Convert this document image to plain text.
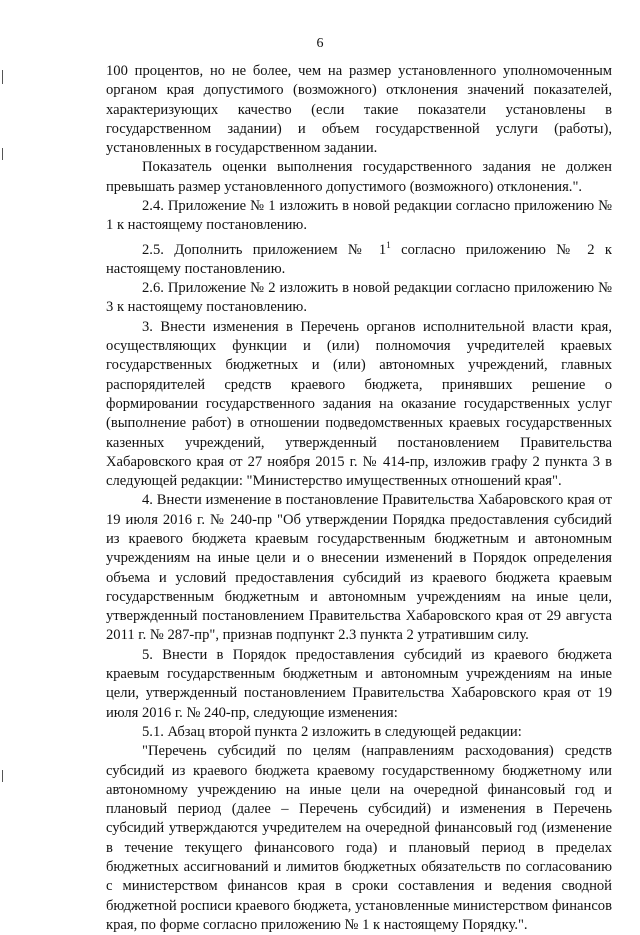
6

100 процентов, но не более, чем на размер установленного уполномоченным органом края допустимого (возможного) отклонения значений показателей, характеризующих качество (если такие показатели установлены в государственном задании) и объем государственной услуги (работы), установленных в государственном задании.

Показатель оценки выполнения государственного задания не должен превышать размер установленного допустимого (возможного) отклонения.".

2.4. Приложение № 1 изложить в новой редакции согласно приложению № 1 к настоящему постановлению.

2.5. Дополнить приложением № $1^1$ согласно приложению № 2 к настоящему постановлению.

2.6. Приложение № 2 изложить в новой редакции согласно приложению № 3 к настоящему постановлению.

3. Внести изменения в Перечень органов исполнительной власти края, осуществляющих функции и (или) полномочия учредителей краевых государственных бюджетных и (или) автономных учреждений, главных распорядителей средств краевого бюджета, принявших решение о формировании государственного задания на оказание государственных услуг (выполнение работ) в отношении подведомственных краевых государственных казенных учреждений, утвержденный постановлением Правительства Хабаровского края от 27 ноября 2015 г. № 414-пр, изложив графу 2 пункта 3 в следующей редакции: "Министерство имущественных отношений края".

4. Внести изменение в постановление Правительства Хабаровского края от 19 июля 2016 г. № 240-пр "Об утверждении Порядка предоставления субсидий из краевого бюджета краевым государственным бюджетным и автономным учреждениям на иные цели и о внесении изменений в Порядок определения объема и условий предоставления субсидий из краевого бюджета краевым государственным бюджетным и автономным учреждениям на иные цели, утвержденный постановлением Правительства Хабаровского края от 29 августа 2011 г. № 287-пр", признав подпункт 2.3 пункта 2 утратившим силу.

5. Внести в Порядок предоставления субсидий из краевого бюджета краевым государственным бюджетным и автономным учреждениям на иные цели, утвержденный постановлением Правительства Хабаровского края от 19 июля 2016 г. № 240-пр, следующие изменения:

5.1. Абзац второй пункта 2 изложить в следующей редакции:

"Перечень субсидий по целям (направлениям расходования) средств субсидий из краевого бюджета краевому государственному бюджетному или автономному учреждению на иные цели на очередной финансовый год и плановый период (далее – Перечень субсидий) и изменения в Перечень субсидий утверждаются учредителем на очередной финансовый год (изменение в течение текущего финансового года) и плановый период в пределах бюджетных ассигнований и лимитов бюджетных обязательств по согласованию с министерством финансов края в сроки составления и ведения сводной бюджетной росписи краевого бюджета, установленные министерством финансов края, по форме согласно приложению № 1 к настоящему Порядку.".
